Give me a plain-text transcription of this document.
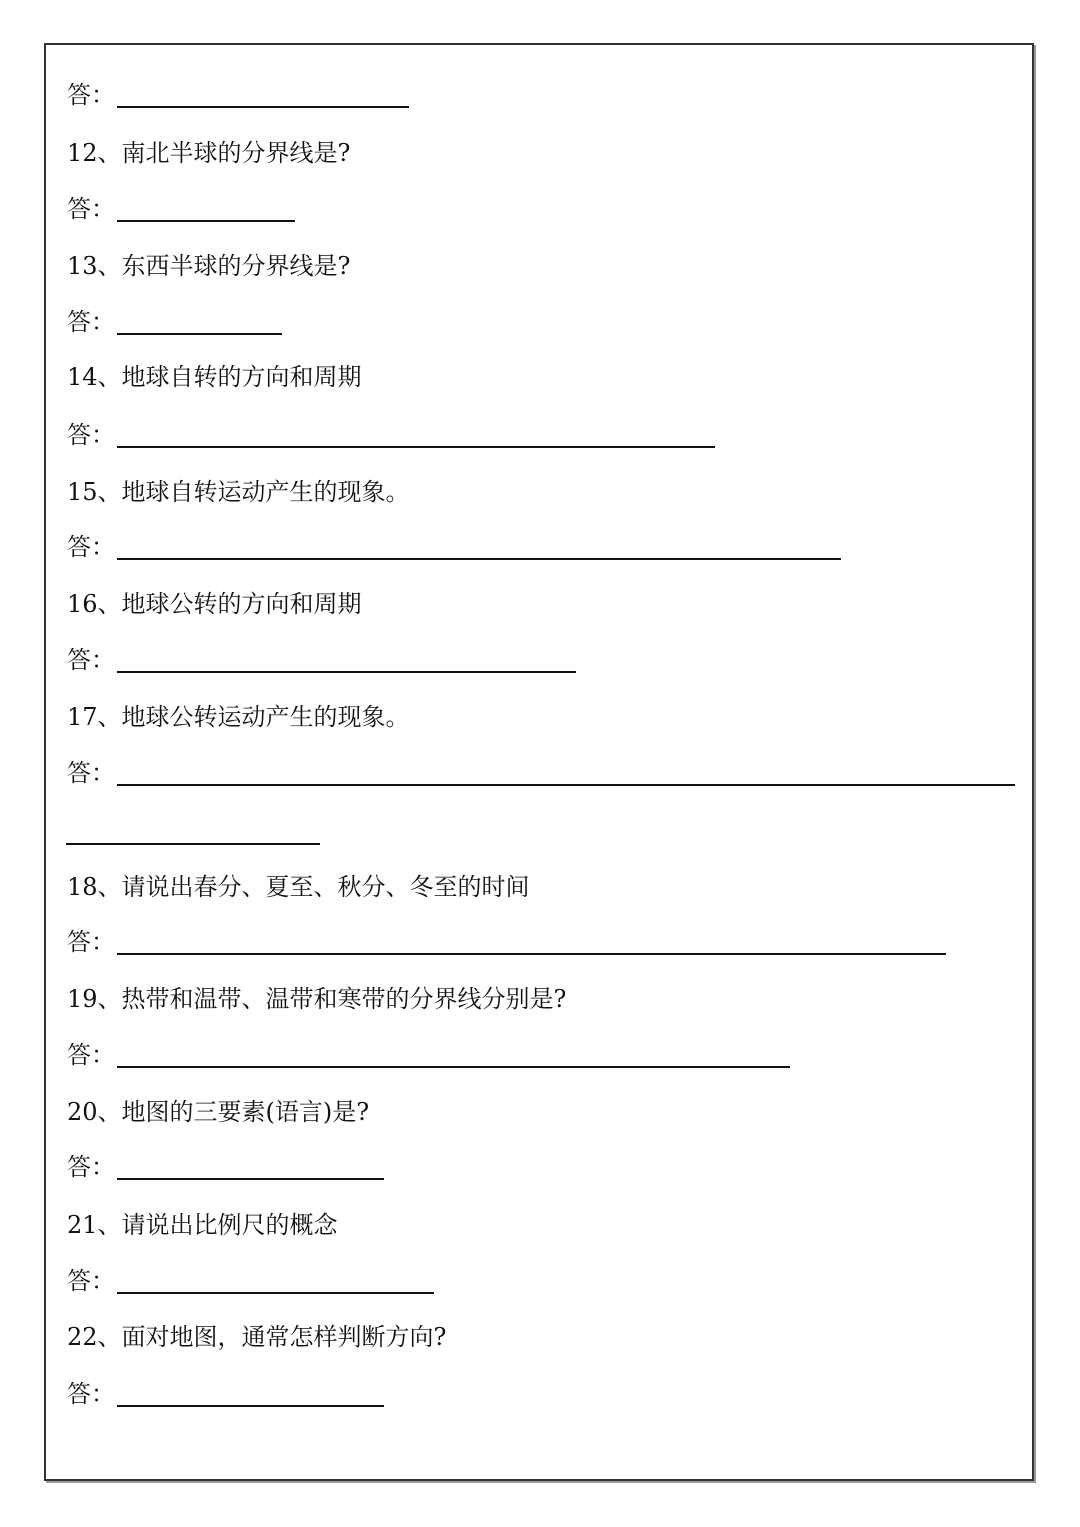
答：
12、南北半球的分界线是?
答：
13、东西半球的分界线是?
答：
14、地球自转的方向和周期
答：
15、地球自转运动产生的现象。
答：
16、地球公转的方向和周期
答：
17、地球公转运动产生的现象。
答：
18、请说出春分、夏至、秋分、冬至的时间
答：
19、热带和温带、温带和寒带的分界线分别是?
答：
20、地图的三要素(语言)是?
答：
21、请说出比例尺的概念
答：
22、面对地图，通常怎样判断方向?
答：
